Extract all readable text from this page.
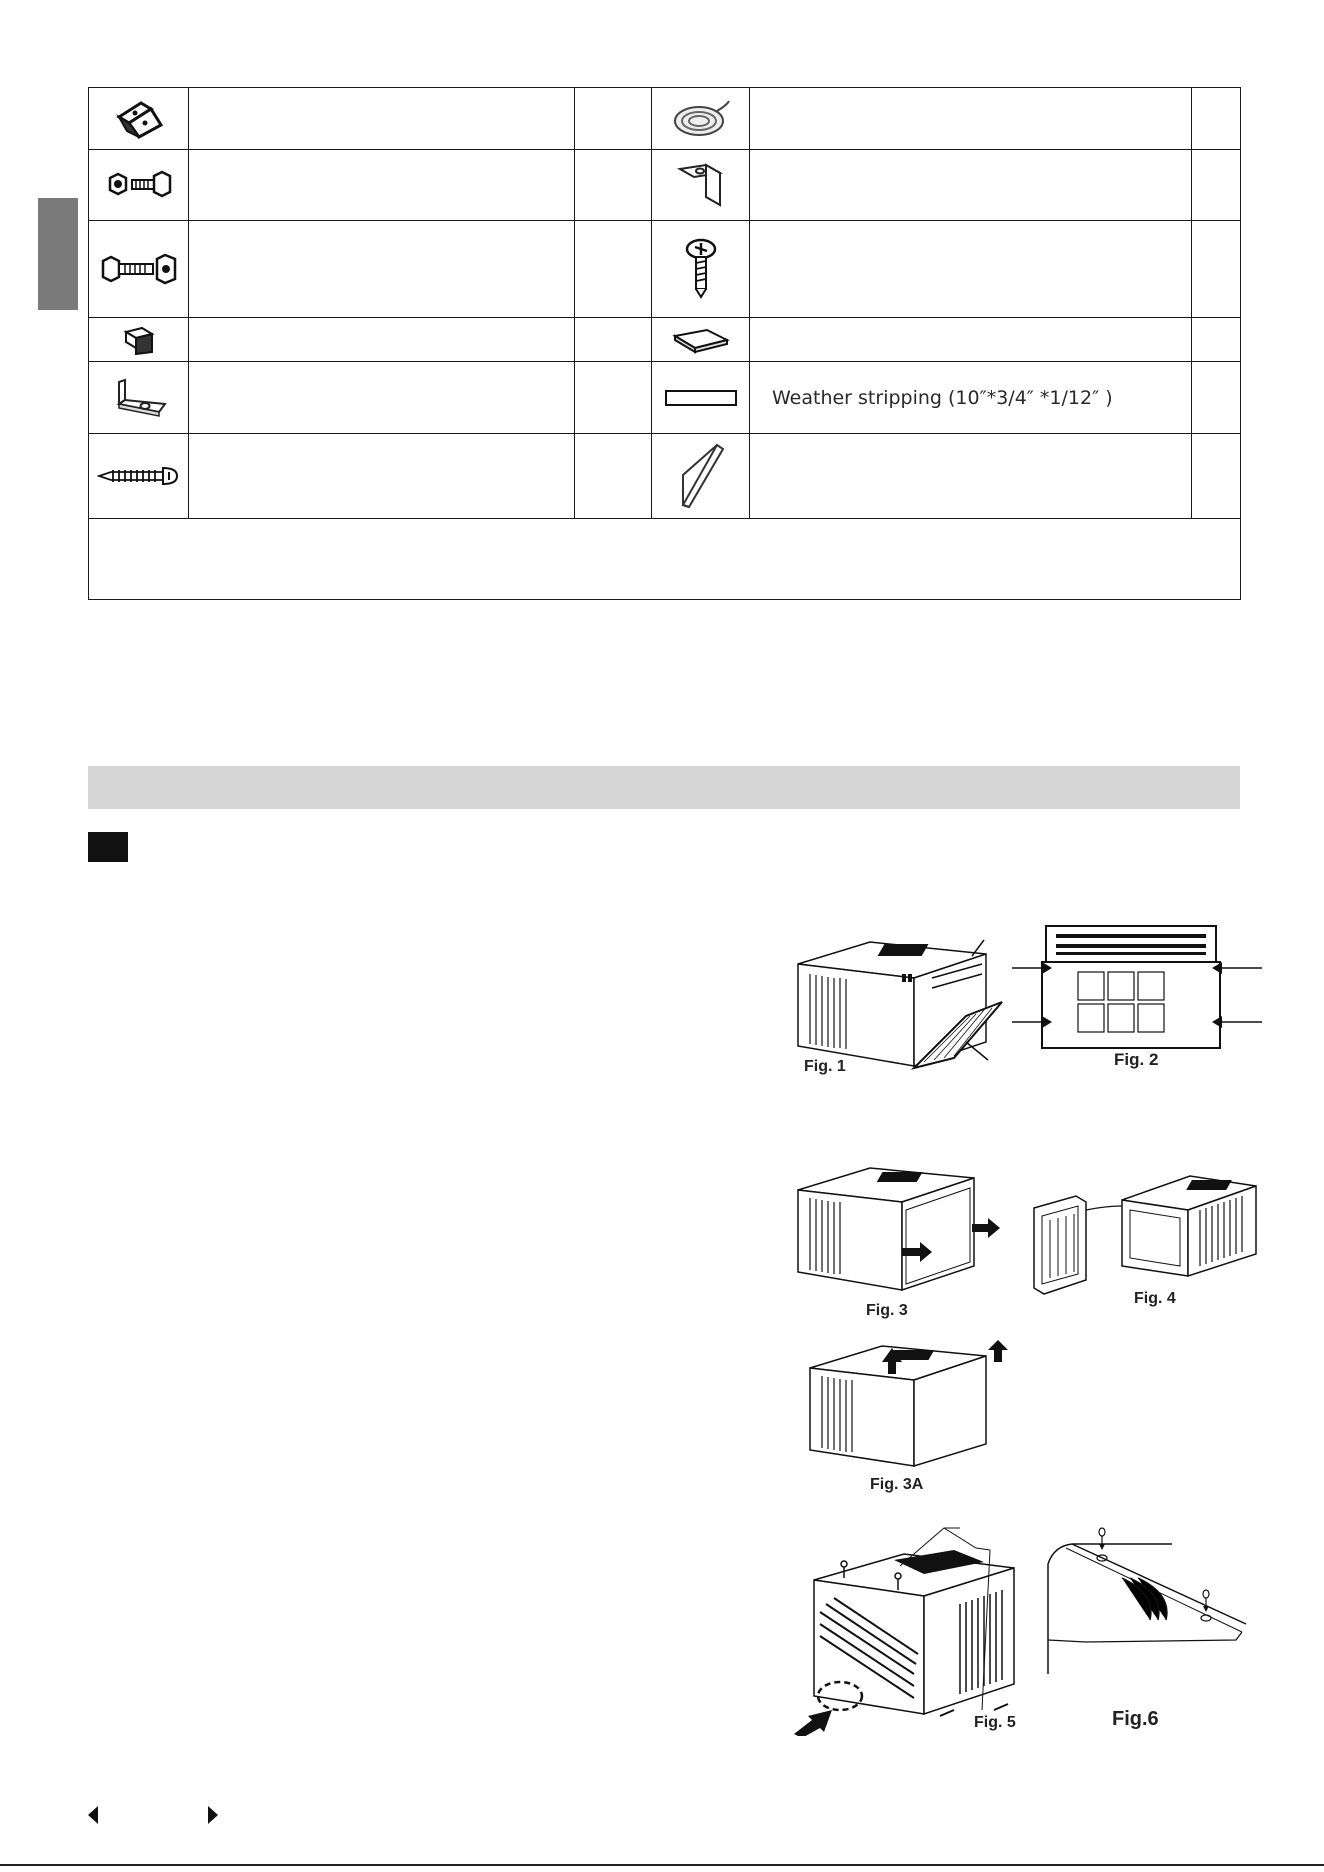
				Weather stripping (10″*3/4″ *1/12″ )	

Fig. 1	Fig. 2
Fig. 3
Fig. 4
Fig. 3A
Fig. 5	Fig.6
